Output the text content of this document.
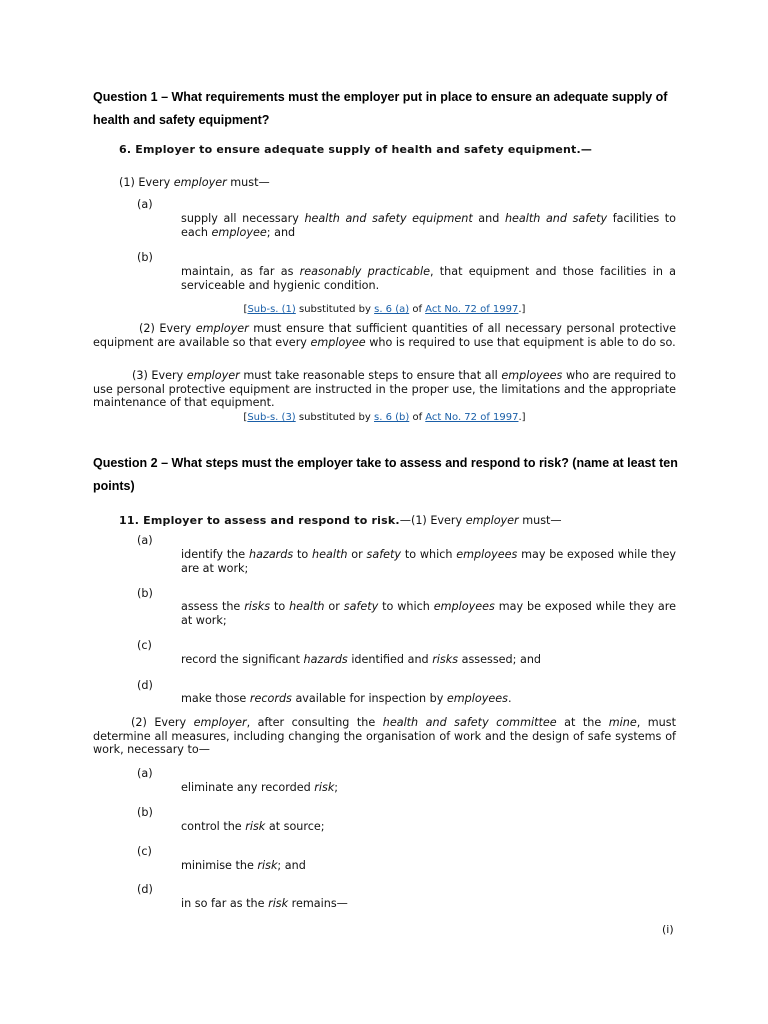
Question 1 – What requirements must the employer put in place to ensure an adequate supply of
health and safety equipment?
6. Employer to ensure adequate supply of health and safety equipment.—
(1) Every employer must—
(a)
supply all necessary health and safety equipment and health and safety facilities to each employee; and
(b)
maintain, as far as reasonably practicable, that equipment and those facilities in a serviceable and hygienic condition.
[Sub-s. (1) substituted by s. 6 (a) of Act No. 72 of 1997.]
(2) Every employer must ensure that sufficient quantities of all necessary personal protective equipment are available so that every employee who is required to use that equipment is able to do so.
(3) Every employer must take reasonable steps to ensure that all employees who are required to use personal protective equipment are instructed in the proper use, the limitations and the appropriate maintenance of that equipment.
[Sub-s. (3) substituted by s. 6 (b) of Act No. 72 of 1997.]
Question 2 – What steps must the employer take to assess and respond to risk? (name at least ten
points)
11. Employer to assess and respond to risk.—(1) Every employer must—
(a)
identify the hazards to health or safety to which employees may be exposed while they are at work;
(b)
assess the risks to health or safety to which employees may be exposed while they are at work;
(c)
record the significant hazards identified and risks assessed; and
(d)
make those records available for inspection by employees.
(2) Every employer, after consulting the health and safety committee at the mine, must determine all measures, including changing the organisation of work and the design of safe systems of work, necessary to—
(a)
eliminate any recorded risk;
(b)
control the risk at source;
(c)
minimise the risk; and
(d)
in so far as the risk remains—
(i)
